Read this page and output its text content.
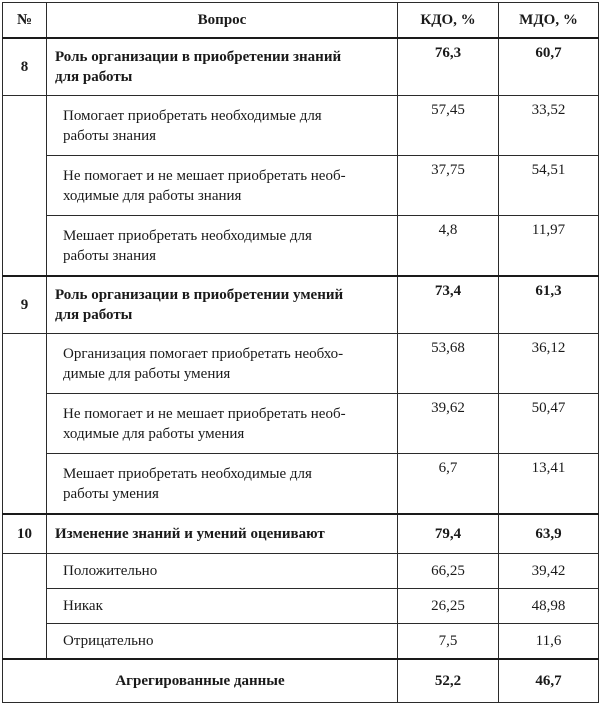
№	Вопрос	КДО, %	МДО, %
8	Роль организации в приобретении знаний
для работы	76,3	60,7
	Помогает приобретать необходимые для
работы знания	57,45	33,52
	Не помогает и не мешает приобретать необ-
ходимые для работы знания	37,75	54,51
	Мешает приобретать необходимые для
работы знания	4,8	11,97
9	Роль организации в приобретении умений
для работы	73,4	61,3
	Организация помогает приобретать необхо-
димые для работы умения	53,68	36,12
	Не помогает и не мешает приобретать необ-
ходимые для работы умения	39,62	50,47
	Мешает приобретать необходимые для
работы умения	6,7	13,41
10	Изменение знаний и умений оценивают	79,4	63,9
	Положительно	66,25	39,42
	Никак	26,25	48,98
	Отрицательно	7,5	11,6
Агрегированные данные		52,2	46,7
